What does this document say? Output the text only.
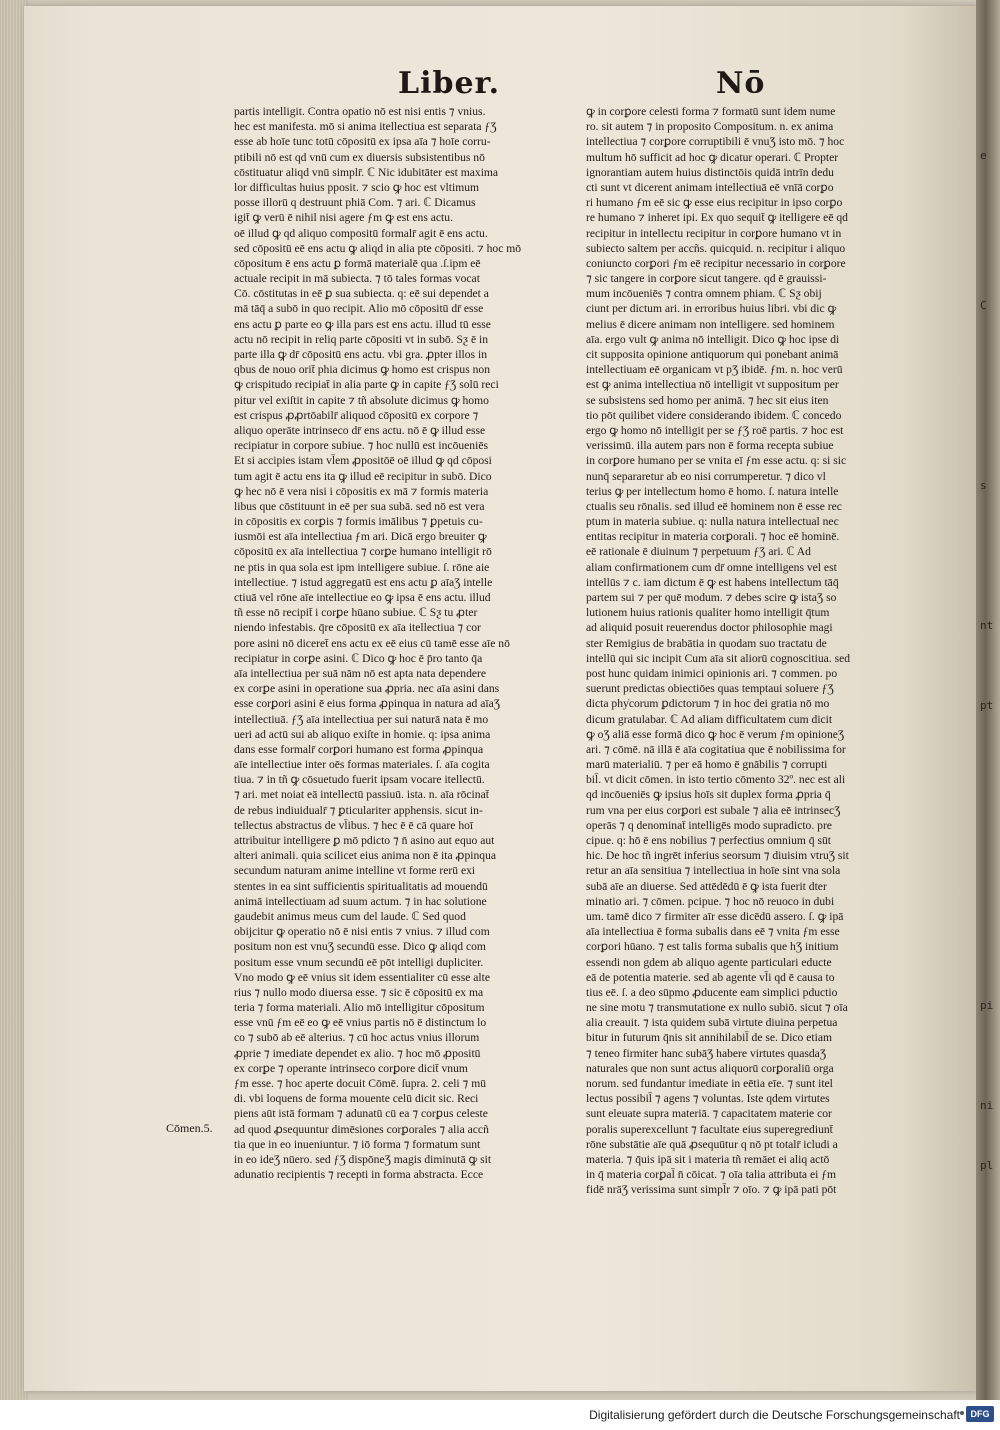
Liber.	Nō
partis intelligit. Contra opatio nō est nisi entis ⁊ vnius.
hec est manifesta. mō si anima itellectiua est separata ƒƷ
esse ab hoīe tunc totū cōpositū ex ipsa aīa ⁊ hoīe corru-
ptibili nō est qd vnū cum ex diuersis subsistentibus nō
cōstituatur aliqd vnū simplr̄. ℂ Nic idubitāter est maxima
lor difficultas huius pposit. ⁊ scio ꝙ hoc est vltimum
posse illorū q destruunt phiā Com. ⁊ ari. ℂ Dicamus
igit̄ ꝙ verū ē nihil nisi agere ƒm ꝙ est ens actu.
oē illud ꝙ qd aliquo compositū formalr̄ agit ē ens actu.
sed cōpositū eē ens actu ꝙ aliqd in alia pte cōpositi. ⁊ hoc mō
cōpositum ē ens actu ꝑ formā materialē qua .ſ.ipm eē
actuale recipit in mā subiecta. ⁊ tō tales formas vocat
Cō. cōstitutas in eē ꝑ sua subiecta. q: eē sui dependet a
mā tāq̄ a subō in quo recipit. Alio mō cōpositū dr̄ esse
ens actu ꝑ parte eo ꝙ illa pars est ens actu. illud tū esse
actu nō recipit in reliq parte cōpositi vt in subō. Sƺ ē in
parte illa ꝙ dr̄ cōpositū ens actu. vbi gra. ꝓpter illos in
qbus de nouo orit̄ phia dicimus ꝙ homo est crispus non
ꝙ crispitudo recipiat̄ in alia parte ꝙ in capite ƒƷ solū reci
pitur vel exiſtit in capite ⁊ tñ absolute dicimus ꝙ homo
est crispus ꝓꝓrtōabilr̄ aliquod cōpositū ex corpore ⁊
aliquo operāte intrinseco dr̄ ens actu. nō ē ꝙ illud esse
recipiatur in corpore subiue. ⁊ hoc nullū est incōueniēs
Et si accipies istam vl̄em ꝓpositōē oē illud ꝙ qd cōposi
tum agit ē actu ens ita ꝙ illud eē recipitur in subō. Dico
ꝙ hec nō ē vera nisi i cōpositis ex mā ⁊ formis materia
libus que cōstituunt in eē per sua subā. sed nō est vera
in cōpositis ex corꝑis ⁊ formis imālibus ⁊ ꝑpetuis cu-
iusmōi est aīa intellectiua ƒm ari. Dicā ergo breuiter ꝙ
cōpositū ex aīa intellectiua ⁊ corꝑe humano intelligit rō
ne ptis in qua sola est ipm intelligere subiue. ſ. rōne aie
intellectiue. ⁊ istud aggregatū est ens actu ꝑ aīaƷ intelle
ctiuā vel rōne aīe intellectiue eo ꝙ ipsa ē ens actu. illud
tñ esse nō recipit̄ i corꝑe hūano subiue. ℂ Sƺ tu ꝓter
niendo infestabis. q̄re cōpositū ex aīa itellectiua ⁊ cor
pore asini nō diceret̄ ens actu ex eē eius cū tamē esse aīe nō
recipiatur in corꝑe asini. ℂ Dico ꝙ hoc ē p̄ro tanto q̄a
aīa intellectiua per suā nām nō est apta nata dependere
ex corꝑe asini in operatione sua ꝓpria. nec aīa asini dans
esse corꝑori asini ē eius forma ꝓpinqua in natura ad aīaƷ
intellectiuā. ƒƷ aīa intellectiua per sui naturā nata ē mo
ueri ad actū sui ab aliquo exiſte in homie. q: ipsa anima
dans esse formalr̄ corꝑori humano est forma ꝓpinqua
aīe intellectiue inter oēs formas materiales. ſ. aīa cogita
tiua. ⁊ in tñ ꝙ cōsuetudo fuerit ipsam vocare itellectū.
⁊ ari. met noiat eā intellectū passiuū. ista. n. aīa rōcinat̄
de rebus indiuidualr̄ ⁊ ꝑticulariter apphensis. sicut in-
tellectus abstractus de vl̄ibus. ⁊ hec ē ē cā quare hoī
attribuitur intelligere ꝑ mō pdicto ⁊ n̄ asino aut equo aut
alteri animali. quia scilicet eius anima non ē ita ꝓpinqua
secundum naturam anime intelline vt forme rerū exi
stentes in ea sint sufficientis spiritualitatis ad mouendū
animā intellectiuam ad suum actum. ⁊ in hac solutione
gaudebit animus meus cum del laude. ℂ Sed quod
obijcitur ꝙ operatio nō ē nisi entis ⁊ vnius. ⁊ illud com
positum non est vnuƷ secundū esse. Dico ꝙ aliqd com
positum esse vnum secundū eē pōt intelligi dupliciter.
Vno modo ꝙ eē vnius sit idem essentialiter cū esse alte
rius ⁊ nullo modo diuersa esse. ⁊ sic ē cōpositū ex ma
teria ⁊ forma materiali. Alio mō intelligitur cōpositum
esse vnū ƒm eē eo ꝙ eē vnius partis nō ē distinctum lo
co ⁊ subō ab eē alterius. ⁊ cū hoc actus vnius illorum
ꝓprie ⁊ imediate dependet ex alio. ⁊ hoc mō ꝓpositū
ex corꝑe ⁊ operante intrinseco corꝑore dicit̄ vnum
ƒm esse. ⁊ hoc aperte docuit Cōmē. ſupra. 2. celi ⁊ mū
di. vbi loquens de forma mouente celū dicit sic. Reci
piens aūt istā formam ⁊ adunatū cū ea ⁊ corꝑus celeste
ad quod ꝓsequuntur dimēsiones corꝑorales ⁊ alia accñ
tia que in eo inueniuntur. ⁊ iō forma ⁊ formatum sunt
in eo ideƷ nūero. sed ƒƷ dispōneƷ magis diminutā ꝙ sit
adunatio recipientis ⁊ recepti in forma abstracta. Ecce
ꝙ in corꝑore celesti forma ⁊ formatū sunt idem nume
ro. sit autem ⁊ in proposito Compositum. n. ex anima
intellectiua ⁊ corꝑore corruptibili ē vnuƷ isto mō. ⁊ hoc
multum hō sufficit ad hoc ꝙ dicatur operari. ℂ Propter
ignorantiam autem huius distinctōis quidā intrīn dedu
cti sunt vt dicerent animam intellectiuā eē vnīā corꝑo
ri humano ƒm eē sic ꝙ esse eius recipitur in ipso corꝑo
re humano ⁊ inheret ipi. Ex quo sequit̄ ꝙ itelligere eē qd
recipitur in intellectu recipitur in corꝑore humano vt in
subiecto saltem per accñs. quicquid. n. recipitur i aliquo
coniuncto corꝑori ƒm eē recipitur necessario in corꝑore
⁊ sic tangere in corꝑore sicut tangere. qd ē grauissi-
mum incōueniēs ⁊ contra omnem phiam. ℂ Sƺ obij
ciunt per dictum ari. in erroribus huius libri. vbi dic ꝙ
melius ē dicere animam non intelligere. sed hominem
aīa. ergo vult ꝙ anima nō intelligit. Dico ꝙ hoc ipse di
cit supposita opinione antiquorum qui ponebant animā
intellectiuam eē organicam vt pƷ ibidē. ƒm. n. hoc verū
est ꝙ anima intellectiua nō intelligit vt suppositum per
se subsistens sed homo per animā. ⁊ hec sit eius iten
tio pōt quilibet videre considerando ibidem. ℂ concedo
ergo ꝙ homo nō intelligit per se ƒƷ roē partis. ⁊ hoc est
verissimū. illa autem pars non ē forma recepta subiue
in corꝑore humano per se vnita eī ƒm esse actu. q: si sic
nunq̄ separaretur ab eo nisi corrumperetur. ⁊ dico vl
terius ꝙ per intellectum homo ē homo. ſ. natura intelle
ctualis seu rōnalis. sed illud eē hominem non ē esse rec
ptum in materia subiue. q: nulla natura intellectual nec
entitas recipitur in materia corꝑorali. ⁊ hoc eē hominē.
eē rationale ē diuinum ⁊ perpetuum ƒƷ ari. ℂ Ad
aliam confirmationem cum dr̄ omne intelligens vel est
intellūs ⁊ c. iam dictum ē ꝙ est habens intellectum tāq̄
partem sui ⁊ per quē modum. ⁊ debes scire ꝙ istaƷ so
lutionem huius rationis qualiter homo intelligit q̄tum
ad aliquid posuit reuerendus doctor philosophie magi
ster Remigius de brabātia in quodam suo tractatu de
intellū qui sic incipit Cum aīa sit aliorū cognoscitiua. sed
post hunc quidam inimici opinionis ari. ⁊ commen. po
suerunt predictas obiectiōes quas temptaui soluere ƒƷ
dicta phy̍corum ꝑdictorum ⁊ in hoc dei gratia nō mo
dicum gratulabar. ℂ Ad aliam difficultatem cum dicit
ꝙ oƷ aliā esse formā dico ꝙ hoc ē verum ƒm opinioneƷ
ari. ⁊ cōmē. nā illā ē aīa cogitatiua que ē nobilissima for
marū materialiū. ⁊ per eā homo ē gnābilis ⁊ corrupti
bil̄. vt dicit cōmen. in isto tertio cōmento 32º. nec est ali
qd incōueniēs ꝙ ipsius hoīs sit duplex forma ꝓpria q̄
rum vna per eius corꝑori est subale ⁊ alia eē intrinsecƷ
operās ⁊ q denominat̄ intelligēs modo supradicto. pre
cipue. q: hō ē ens nobilius ⁊ perfectius omnium q̄ sūt
hic. De hoc tñ ingrēt inferius seorsum ⁊ diuisim vtruƷ sit
retur an aīa sensitiua ⁊ intellectiua in hoīe sint vna sola
subā aīe an diuerse. Sed attēdēdū ē ꝙ ista fuerit dter
minatio ari. ⁊ cōmen. pcipue. ⁊ hoc nō reuoco in dubi
um. tamē dico ⁊ firmiter aīr esse dicēdū assero. ſ. ꝙ ipā
aīa intellectiua ē forma subalis dans eē ⁊ vnita ƒm esse
corꝑori hūano. ⁊ est talis forma subalis que hƷ initium
essendi non gdem ab aliquo agente particulari educte
eā de potentia materie. sed ab agente vl̄i qd ē causa to
tius eē. ſ. a deo sūpmo ꝓducente eam simplici pductio
ne sine motu ⁊ transmutatione ex nullo subiō. sicut ⁊ oīa
alia creauit. ⁊ ista quidem subā virtute diuina perpetua
bitur in futurum q̄nis sit annihilabil̄ de se. Dico etiam
⁊ teneo firmiter hanc subāƷ habere virtutes quasdaƷ
naturales que non sunt actus aliquorū corꝑoraliū orga
norum. sed fundantur imediate in eētia eīe. ⁊ sunt itel
lectus possibil̄ ⁊ agens ⁊ voluntas. Iste qdem virtutes
sunt eleuate supra materiā. ⁊ capacitatem materie cor
poralis superexcellunt ⁊ facultate eius superegrediunt̄
rōne substātie aīe quā ꝓsequūtur q nō pt totalr̄ icludi a
materia. ⁊ q̄uis ipā sit i materia tñ remāet ei aliq actō
in q̄ materia corꝑal̄ n̄ cōicat. ⁊ oīa talia attributa ei ƒm
fidē nrāƷ verissima sunt simpl̄r ⁊ oīo. ⁊ ꝙ ipā pati pōt
Cōmen.5.
e
C
s
nt
pt
pi
ni
pl
Digitalisierung gefördert durch die Deutsche Forschungsgemeinschaft	DFG
